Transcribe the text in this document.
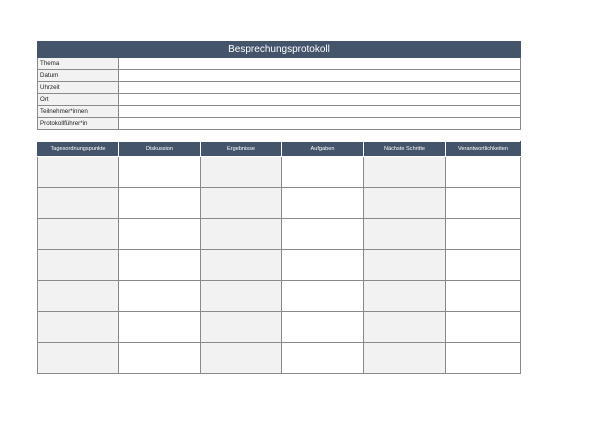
Besprechungsprotokoll	
Thema	
Datum	
Uhrzeit	
Ort	
Teilnehmer*innen	
Protokollführer*in	
Tagesordnungspunkte	Diskussion	Ergebnisse	Aufgaben	Nächste Schritte	Verantwortlichkeiten
